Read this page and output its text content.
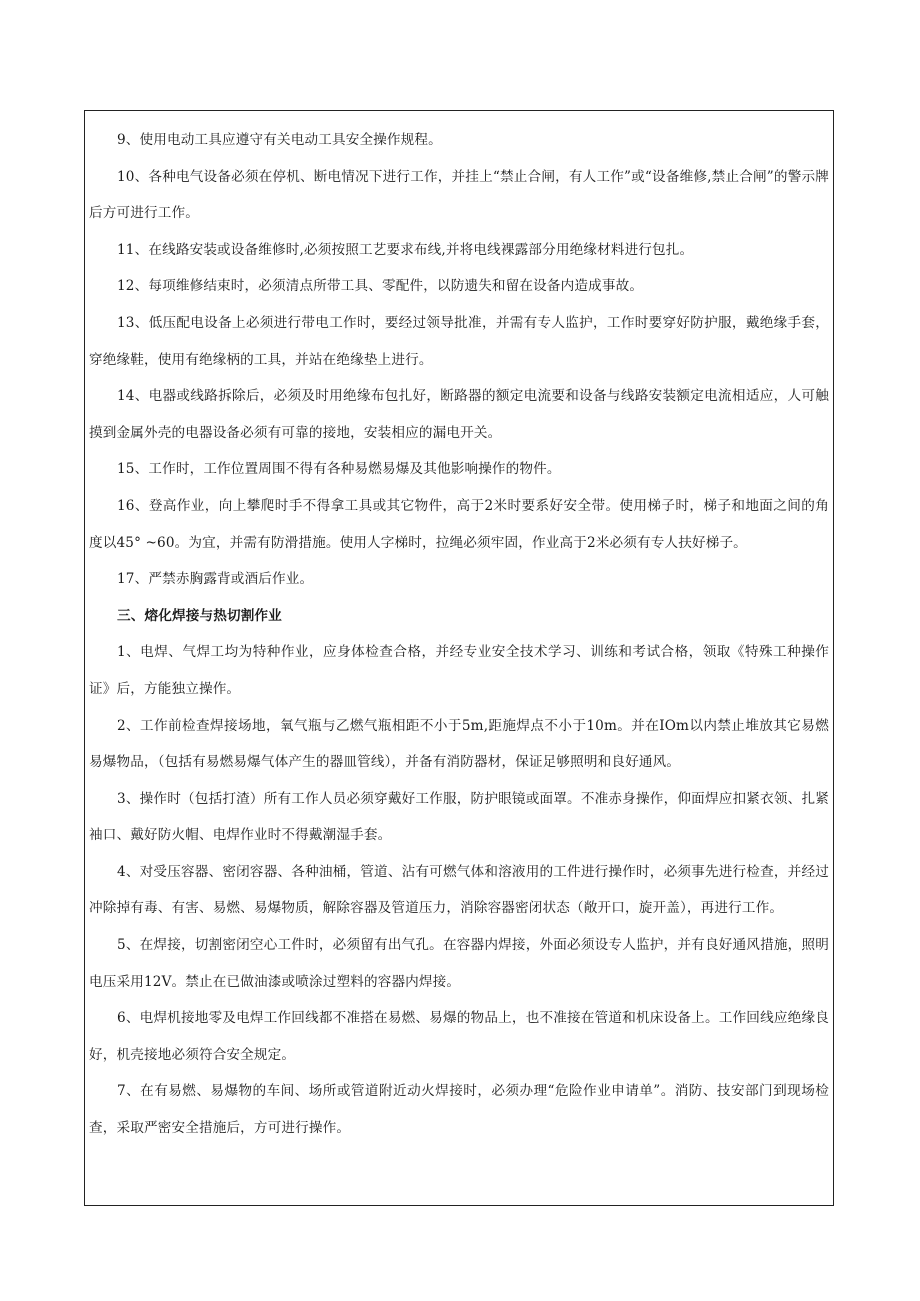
9、使用电动工具应遵守有关电动工具安全操作规程。

10、各种电气设备必须在停机、断电情况下进行工作，并挂上“禁止合闸，有人工作”或“设备维修,禁止合闸”的警示牌后方可进行工作。

11、在线路安装或设备维修时,必须按照工艺要求布线,并将电线裸露部分用绝缘材料进行包扎。

12、每项维修结束时，必须清点所带工具、零配件，以防遗失和留在设备内造成事故。

13、低压配电设备上必须进行带电工作时，要经过领导批准，并需有专人监护，工作时要穿好防护服，戴绝缘手套，穿绝缘鞋，使用有绝缘柄的工具，并站在绝缘垫上进行。

14、电器或线路拆除后，必须及时用绝缘布包扎好，断路器的额定电流要和设备与线路安装额定电流相适应，人可触摸到金属外壳的电器设备必须有可靠的接地，安装相应的漏电开关。

15、工作时，工作位置周围不得有各种易燃易爆及其他影响操作的物件。

16、登高作业，向上攀爬时手不得拿工具或其它物件，高于2米时要系好安全带。使用梯子时，梯子和地面之间的角度以45° ~60。为宜，并需有防滑措施。使用人字梯时，拉绳必须牢固，作业高于2米必须有专人扶好梯子。

17、严禁赤胸露背或酒后作业。

三、熔化焊接与热切割作业

1、电焊、气焊工均为特种作业，应身体检查合格，并经专业安全技术学习、训练和考试合格，领取《特殊工种操作证》后，方能独立操作。

2、工作前检查焊接场地，氧气瓶与乙燃气瓶相距不小于5m,距施焊点不小于10m。并在IOm以内禁止堆放其它易燃易爆物品，（包括有易燃易爆气体产生的器皿管线），并备有消防器材，保证足够照明和良好通风。

3、操作时（包括打渣）所有工作人员必须穿戴好工作服，防护眼镜或面罩。不准赤身操作，仰面焊应扣紧衣领、扎紧袖口、戴好防火帽、电焊作业时不得戴潮湿手套。

4、对受压容器、密闭容器、各种油桶，管道、沾有可燃气体和溶液用的工件进行操作时，必须事先进行检查，并经过冲除掉有毒、有害、易燃、易爆物质，解除容器及管道压力，消除容器密闭状态（敞开口，旋开盖），再进行工作。

5、在焊接，切割密闭空心工件时，必须留有出气孔。在容器内焊接，外面必须设专人监护，并有良好通风措施，照明电压采用12V。禁止在已做油漆或喷涂过塑料的容器内焊接。

6、电焊机接地零及电焊工作回线都不准搭在易燃、易爆的物品上，也不准接在管道和机床设备上。工作回线应绝缘良好，机壳接地必须符合安全规定。

7、在有易燃、易爆物的车间、场所或管道附近动火焊接时，必须办理“危险作业申请单”。消防、技安部门到现场检查，采取严密安全措施后，方可进行操作。
